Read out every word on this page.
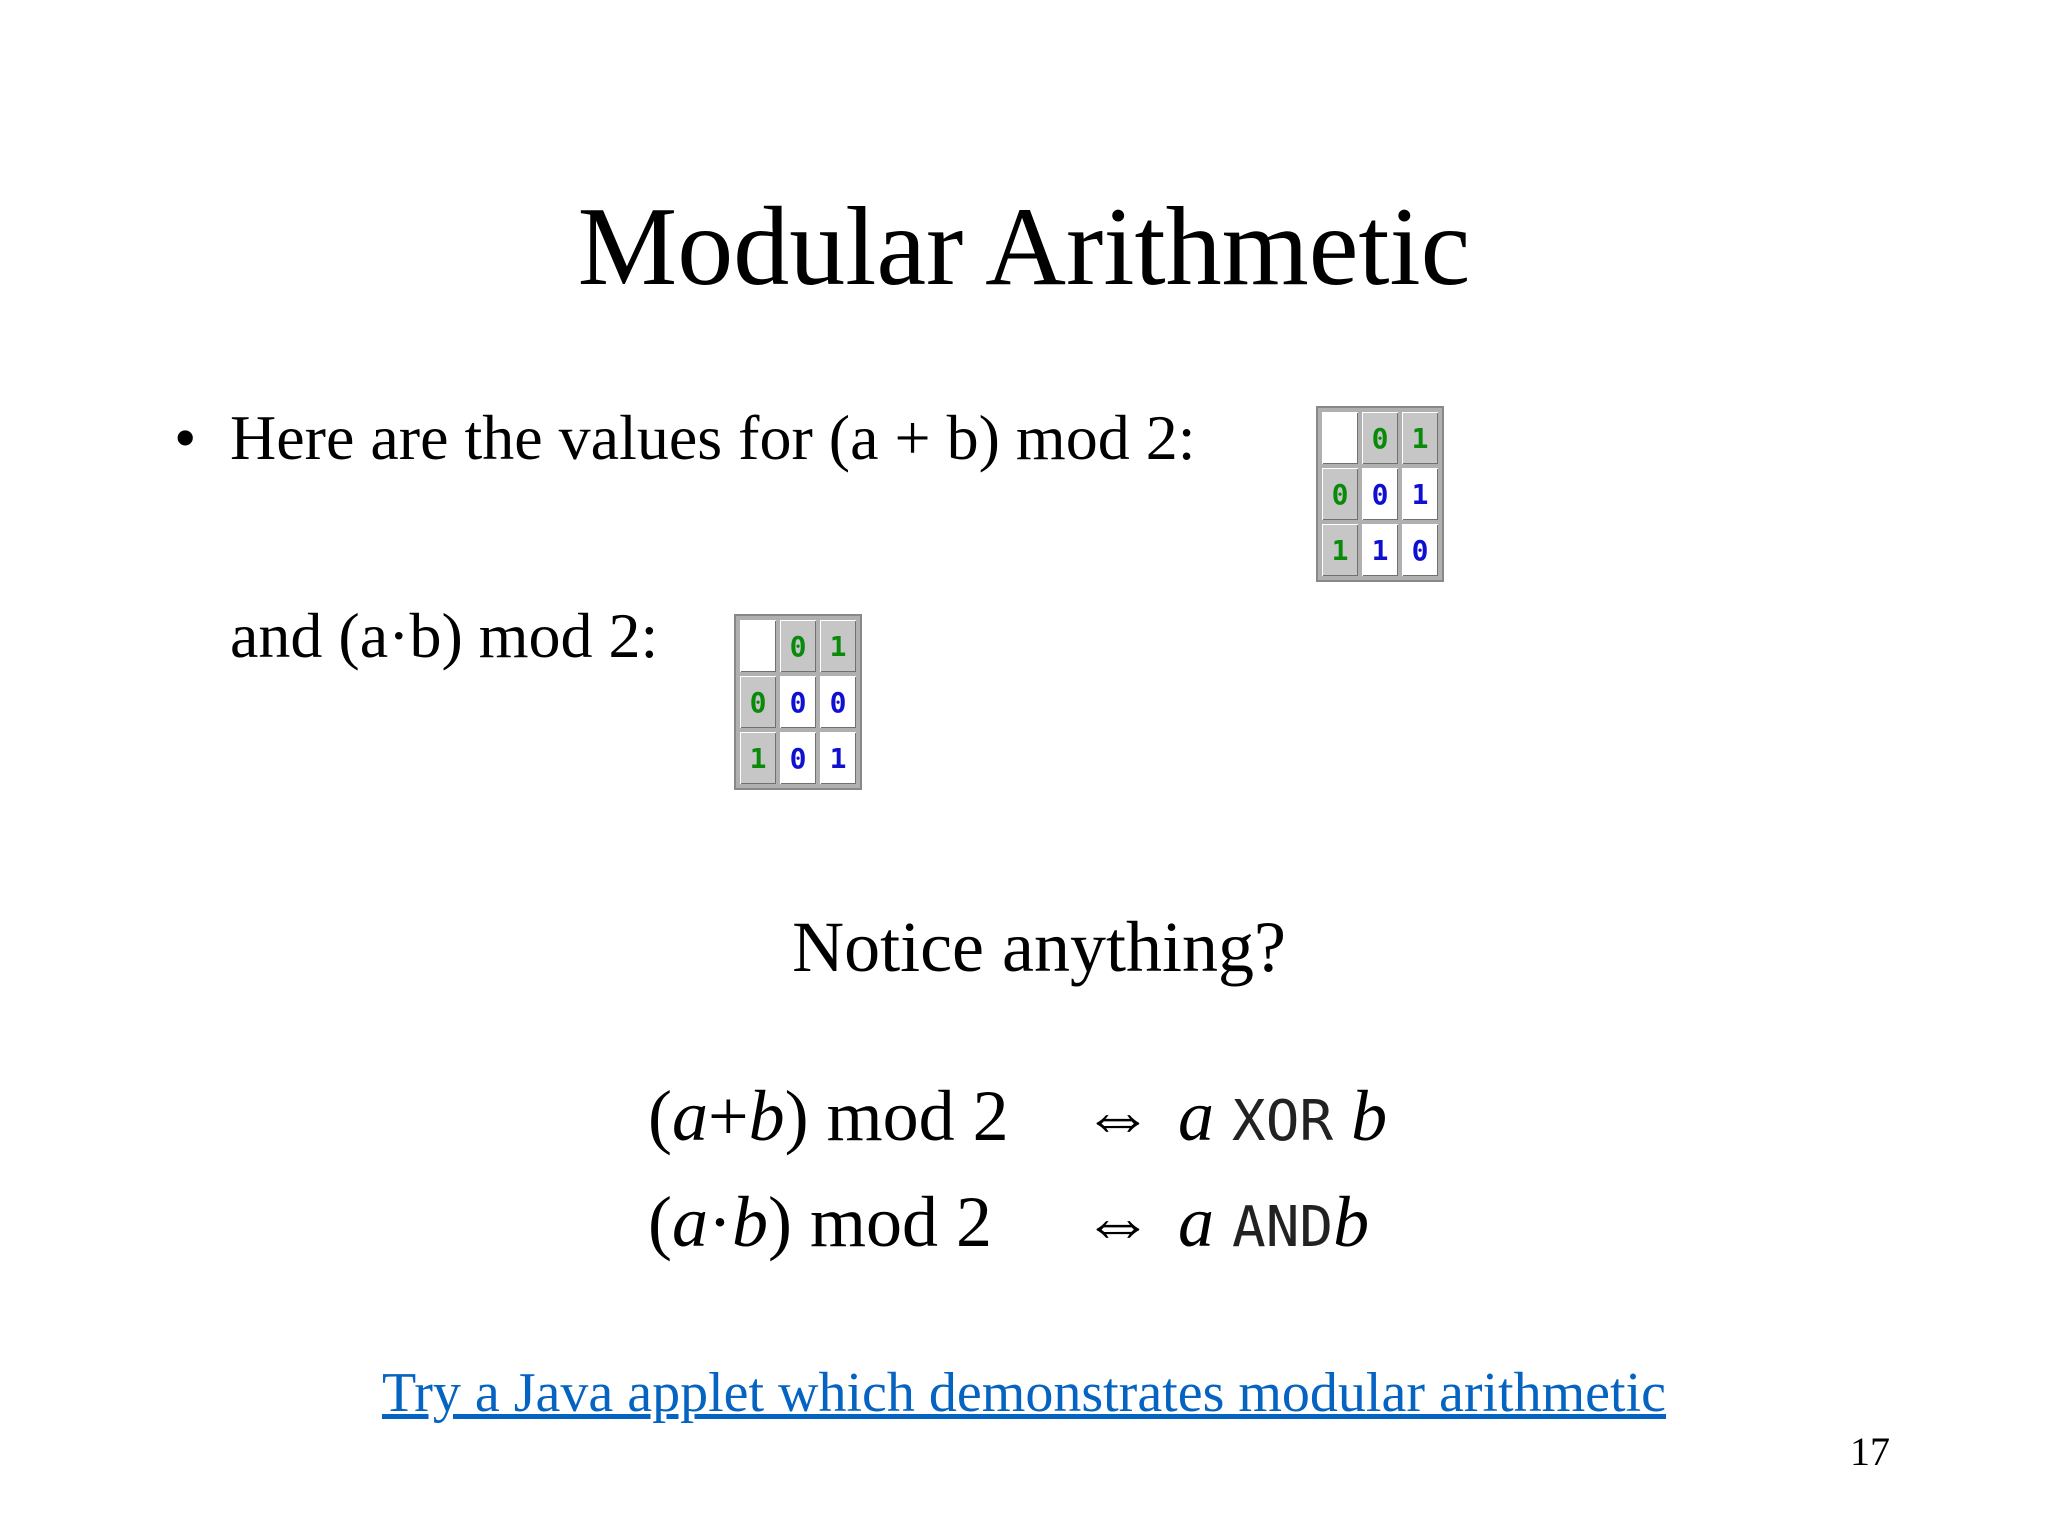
Modular Arithmetic
• Here are the values for (a + b) mod 2:	0 1
0 0 1
1 1 0
and (a·b) mod 2:	0 1
0 0 0
1 0 1
Notice anything?
(a+b) mod 2 ⇔ a XOR b
(a·b) mod 2 ⇔ a ANDb
Try a Java applet which demonstrates modular arithmetic
17
